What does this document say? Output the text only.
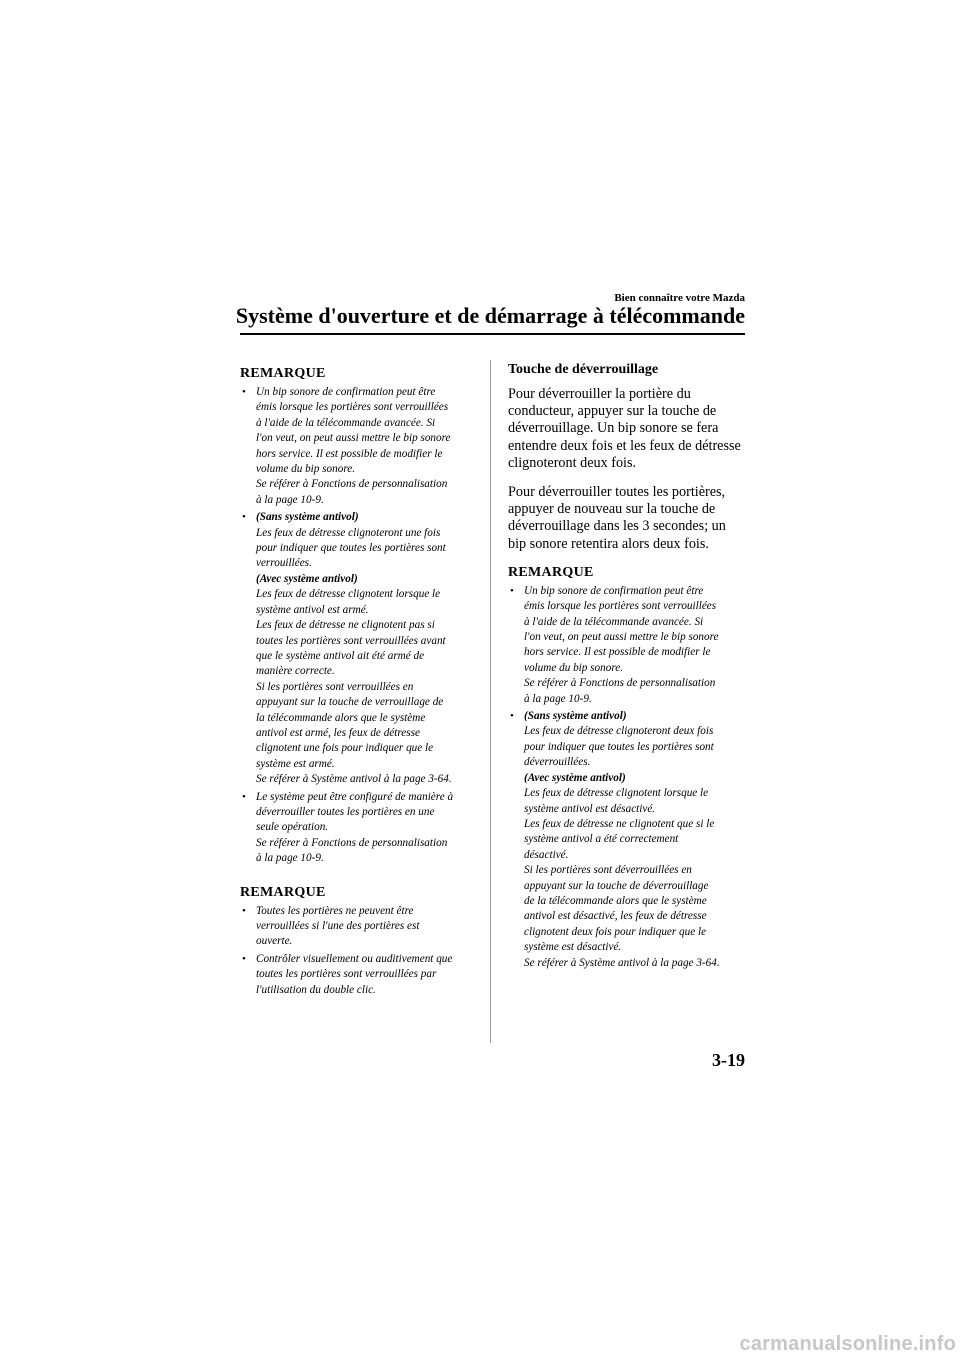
Bien connaître votre Mazda
Système d'ouverture et de démarrage à télécommande
REMARQUE
• Un bip sonore de confirmation peut être
émis lorsque les portières sont verrouillées
à l'aide de la télécommande avancée. Si
l'on veut, on peut aussi mettre le bip sonore
hors service. Il est possible de modifier le
volume du bip sonore.
Se référer à Fonctions de personnalisation
à la page 10-9.
• (Sans système antivol)
Les feux de détresse clignoteront une fois
pour indiquer que toutes les portières sont
verrouillées.
(Avec système antivol)
Les feux de détresse clignotent lorsque le
système antivol est armé.
Les feux de détresse ne clignotent pas si
toutes les portières sont verrouillées avant
que le système antivol ait été armé de
manière correcte.
Si les portières sont verrouillées en
appuyant sur la touche de verrouillage de
la télécommande alors que le système
antivol est armé, les feux de détresse
clignotent une fois pour indiquer que le
système est armé.
Se référer à Système antivol à la page 3-64.
• Le système peut être configuré de manière à
déverrouiller toutes les portières en une
seule opération.
Se référer à Fonctions de personnalisation
à la page 10-9.
REMARQUE
• Toutes les portières ne peuvent être
verrouillées si l'une des portières est
ouverte.
• Contrôler visuellement ou auditivement que
toutes les portières sont verrouillées par
l'utilisation du double clic.
Touche de déverrouillage

Pour déverrouiller la portière du conducteur, appuyer sur la touche de déverrouillage. Un bip sonore se fera entendre deux fois et les feux de détresse clignoteront deux fois.

Pour déverrouiller toutes les portières, appuyer de nouveau sur la touche de déverrouillage dans les 3 secondes; un bip sonore retentira alors deux fois.

REMARQUE
• Un bip sonore de confirmation peut être
émis lorsque les portières sont verrouillées
à l'aide de la télécommande avancée. Si
l'on veut, on peut aussi mettre le bip sonore
hors service. Il est possible de modifier le
volume du bip sonore.
Se référer à Fonctions de personnalisation
à la page 10-9.
• (Sans système antivol)
Les feux de détresse clignoteront deux fois
pour indiquer que toutes les portières sont
déverrouillées.
(Avec système antivol)
Les feux de détresse clignotent lorsque le
système antivol est désactivé.
Les feux de détresse ne clignotent que si le
système antivol a été correctement
désactivé.
Si les portières sont déverrouillées en
appuyant sur la touche de déverrouillage
de la télécommande alors que le système
antivol est désactivé, les feux de détresse
clignotent deux fois pour indiquer que le
système est désactivé.
Se référer à Système antivol à la page 3-64.
3-19
carmanualsonline.info
